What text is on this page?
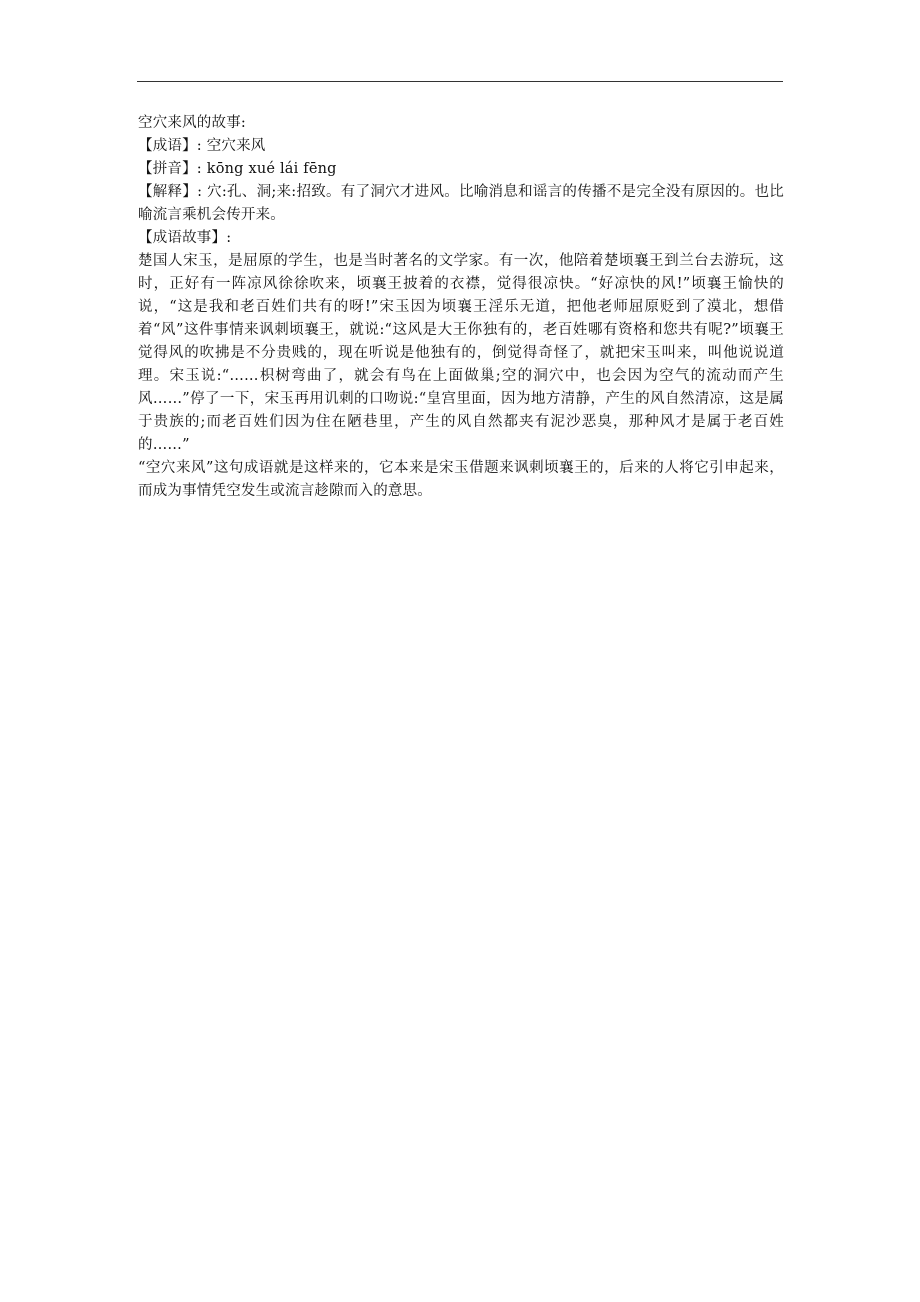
空穴来风的故事:

【成语】: 空穴来风

【拼音】: kōng xué lái fēng

【解释】: 穴:孔、洞;来:招致。有了洞穴才进风。比喻消息和谣言的传播不是完全没有原因的。也比喻流言乘机会传开来。

【成语故事】:

楚国人宋玉，是屈原的学生，也是当时著名的文学家。有一次，他陪着楚顷襄王到兰台去游玩，这时，正好有一阵凉风徐徐吹来，顷襄王披着的衣襟，觉得很凉快。“好凉快的风!”顷襄王愉快的说，“这是我和老百姓们共有的呀!”宋玉因为顷襄王淫乐无道，把他老师屈原贬到了漠北，想借着“风”这件事情来讽刺顷襄王，就说:“这风是大王你独有的，老百姓哪有资格和您共有呢?”顷襄王觉得风的吹拂是不分贵贱的，现在听说是他独有的，倒觉得奇怪了，就把宋玉叫来，叫他说说道理。宋玉说:“……枳树弯曲了，就会有鸟在上面做巢;空的洞穴中，也会因为空气的流动而产生风……”停了一下，宋玉再用讥刺的口吻说:“皇宫里面，因为地方清静，产生的风自然清凉，这是属于贵族的;而老百姓们因为住在陋巷里，产生的风自然都夹有泥沙恶臭，那种风才是属于老百姓的……”

“空穴来风”这句成语就是这样来的，它本来是宋玉借题来讽刺顷襄王的，后来的人将它引申起来，而成为事情凭空发生或流言趁隙而入的意思。
